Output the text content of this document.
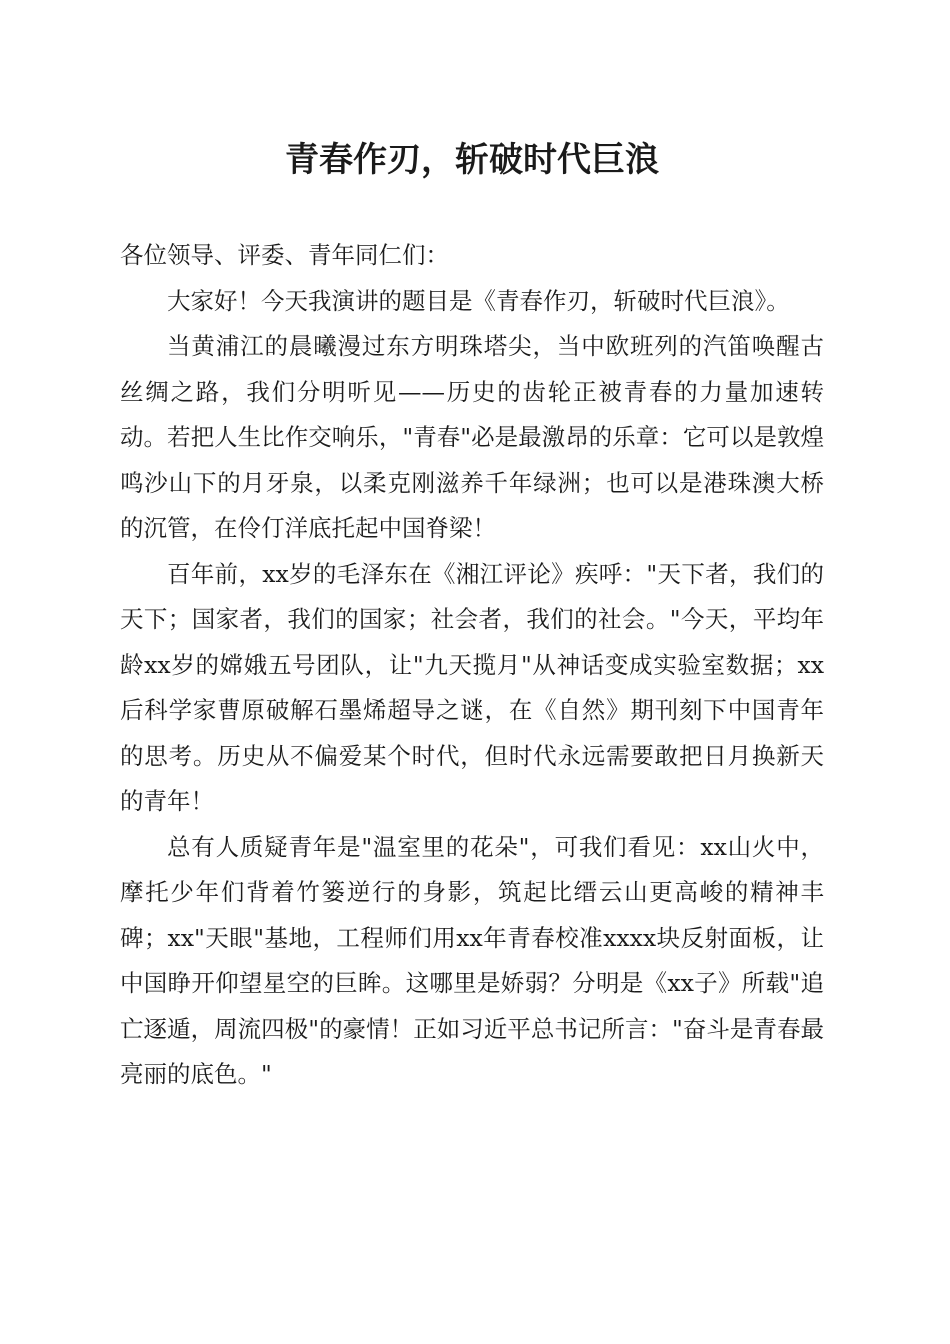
青春作刃，斩破时代巨浪

各位领导、评委、青年同仁们：

大家好！今天我演讲的题目是《青春作刃，斩破时代巨浪》。

当黄浦江的晨曦漫过东方明珠塔尖，当中欧班列的汽笛唤醒古丝绸之路，我们分明听见——历史的齿轮正被青春的力量加速转动。若把人生比作交响乐，"青春"必是最激昂的乐章：它可以是敦煌鸣沙山下的月牙泉，以柔克刚滋养千年绿洲；也可以是港珠澳大桥的沉管，在伶仃洋底托起中国脊梁！

百年前，xx岁的毛泽东在《湘江评论》疾呼："天下者，我们的天下；国家者，我们的国家；社会者，我们的社会。"今天，平均年龄xx岁的嫦娥五号团队，让"九天揽月"从神话变成实验室数据；xx后科学家曹原破解石墨烯超导之谜，在《自然》期刊刻下中国青年的思考。历史从不偏爱某个时代，但时代永远需要敢把日月换新天的青年！

总有人质疑青年是"温室里的花朵"，可我们看见：xx山火中，摩托少年们背着竹篓逆行的身影，筑起比缙云山更高峻的精神丰碑；xx"天眼"基地，工程师们用xx年青春校准xxxx块反射面板，让中国睁开仰望星空的巨眸。这哪里是娇弱？分明是《xx子》所载"追亡逐遁，周流四极"的豪情！正如习近平总书记所言："奋斗是青春最亮丽的底色。"
